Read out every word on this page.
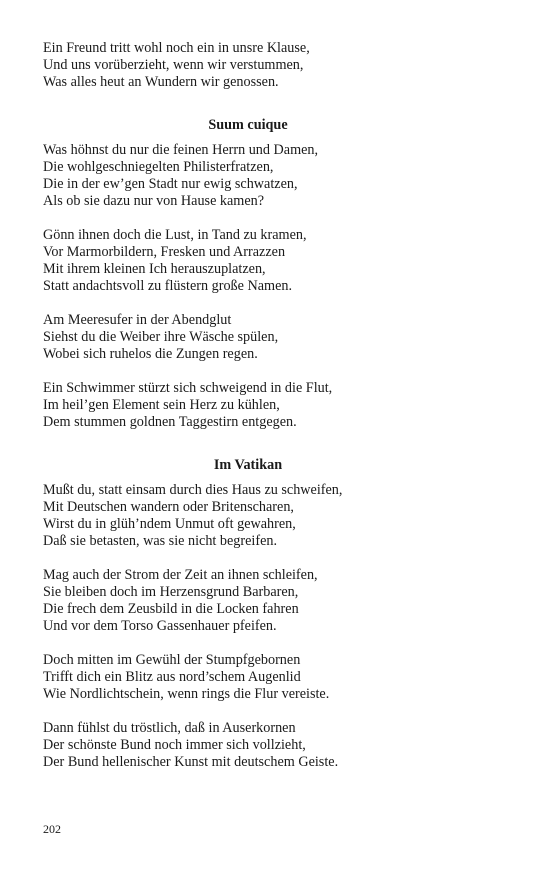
Ein Freund tritt wohl noch ein in unsre Klause,
Und uns vorüberzieht, wenn wir verstummen,
Was alles heut an Wundern wir genossen.
Suum cuique
Was höhnst du nur die feinen Herrn und Damen,
Die wohlgeschniegelten Philisterfratzen,
Die in der ew’gen Stadt nur ewig schwatzen,
Als ob sie dazu nur von Hause kamen?
Gönn ihnen doch die Lust, in Tand zu kramen,
Vor Marmorbildern, Fresken und Arrazzen
Mit ihrem kleinen Ich herauszuplatzen,
Statt andachtsvoll zu flüstern große Namen.
Am Meeresufer in der Abendglut
Siehst du die Weiber ihre Wäsche spülen,
Wobei sich ruhelos die Zungen regen.
Ein Schwimmer stürzt sich schweigend in die Flut,
Im heil’gen Element sein Herz zu kühlen,
Dem stummen goldnen Taggestirn entgegen.
Im Vatikan
Mußt du, statt einsam durch dies Haus zu schweifen,
Mit Deutschen wandern oder Britenscharen,
Wirst du in glüh’ndem Unmut oft gewahren,
Daß sie betasten, was sie nicht begreifen.
Mag auch der Strom der Zeit an ihnen schleifen,
Sie bleiben doch im Herzensgrund Barbaren,
Die frech dem Zeusbild in die Locken fahren
Und vor dem Torso Gassenhauer pfeifen.
Doch mitten im Gewühl der Stumpfgebornen
Trifft dich ein Blitz aus nord’schem Augenlid
Wie Nordlichtschein, wenn rings die Flur vereiste.
Dann fühlst du tröstlich, daß in Auserkornen
Der schönste Bund noch immer sich vollzieht,
Der Bund hellenischer Kunst mit deutschem Geiste.
202
